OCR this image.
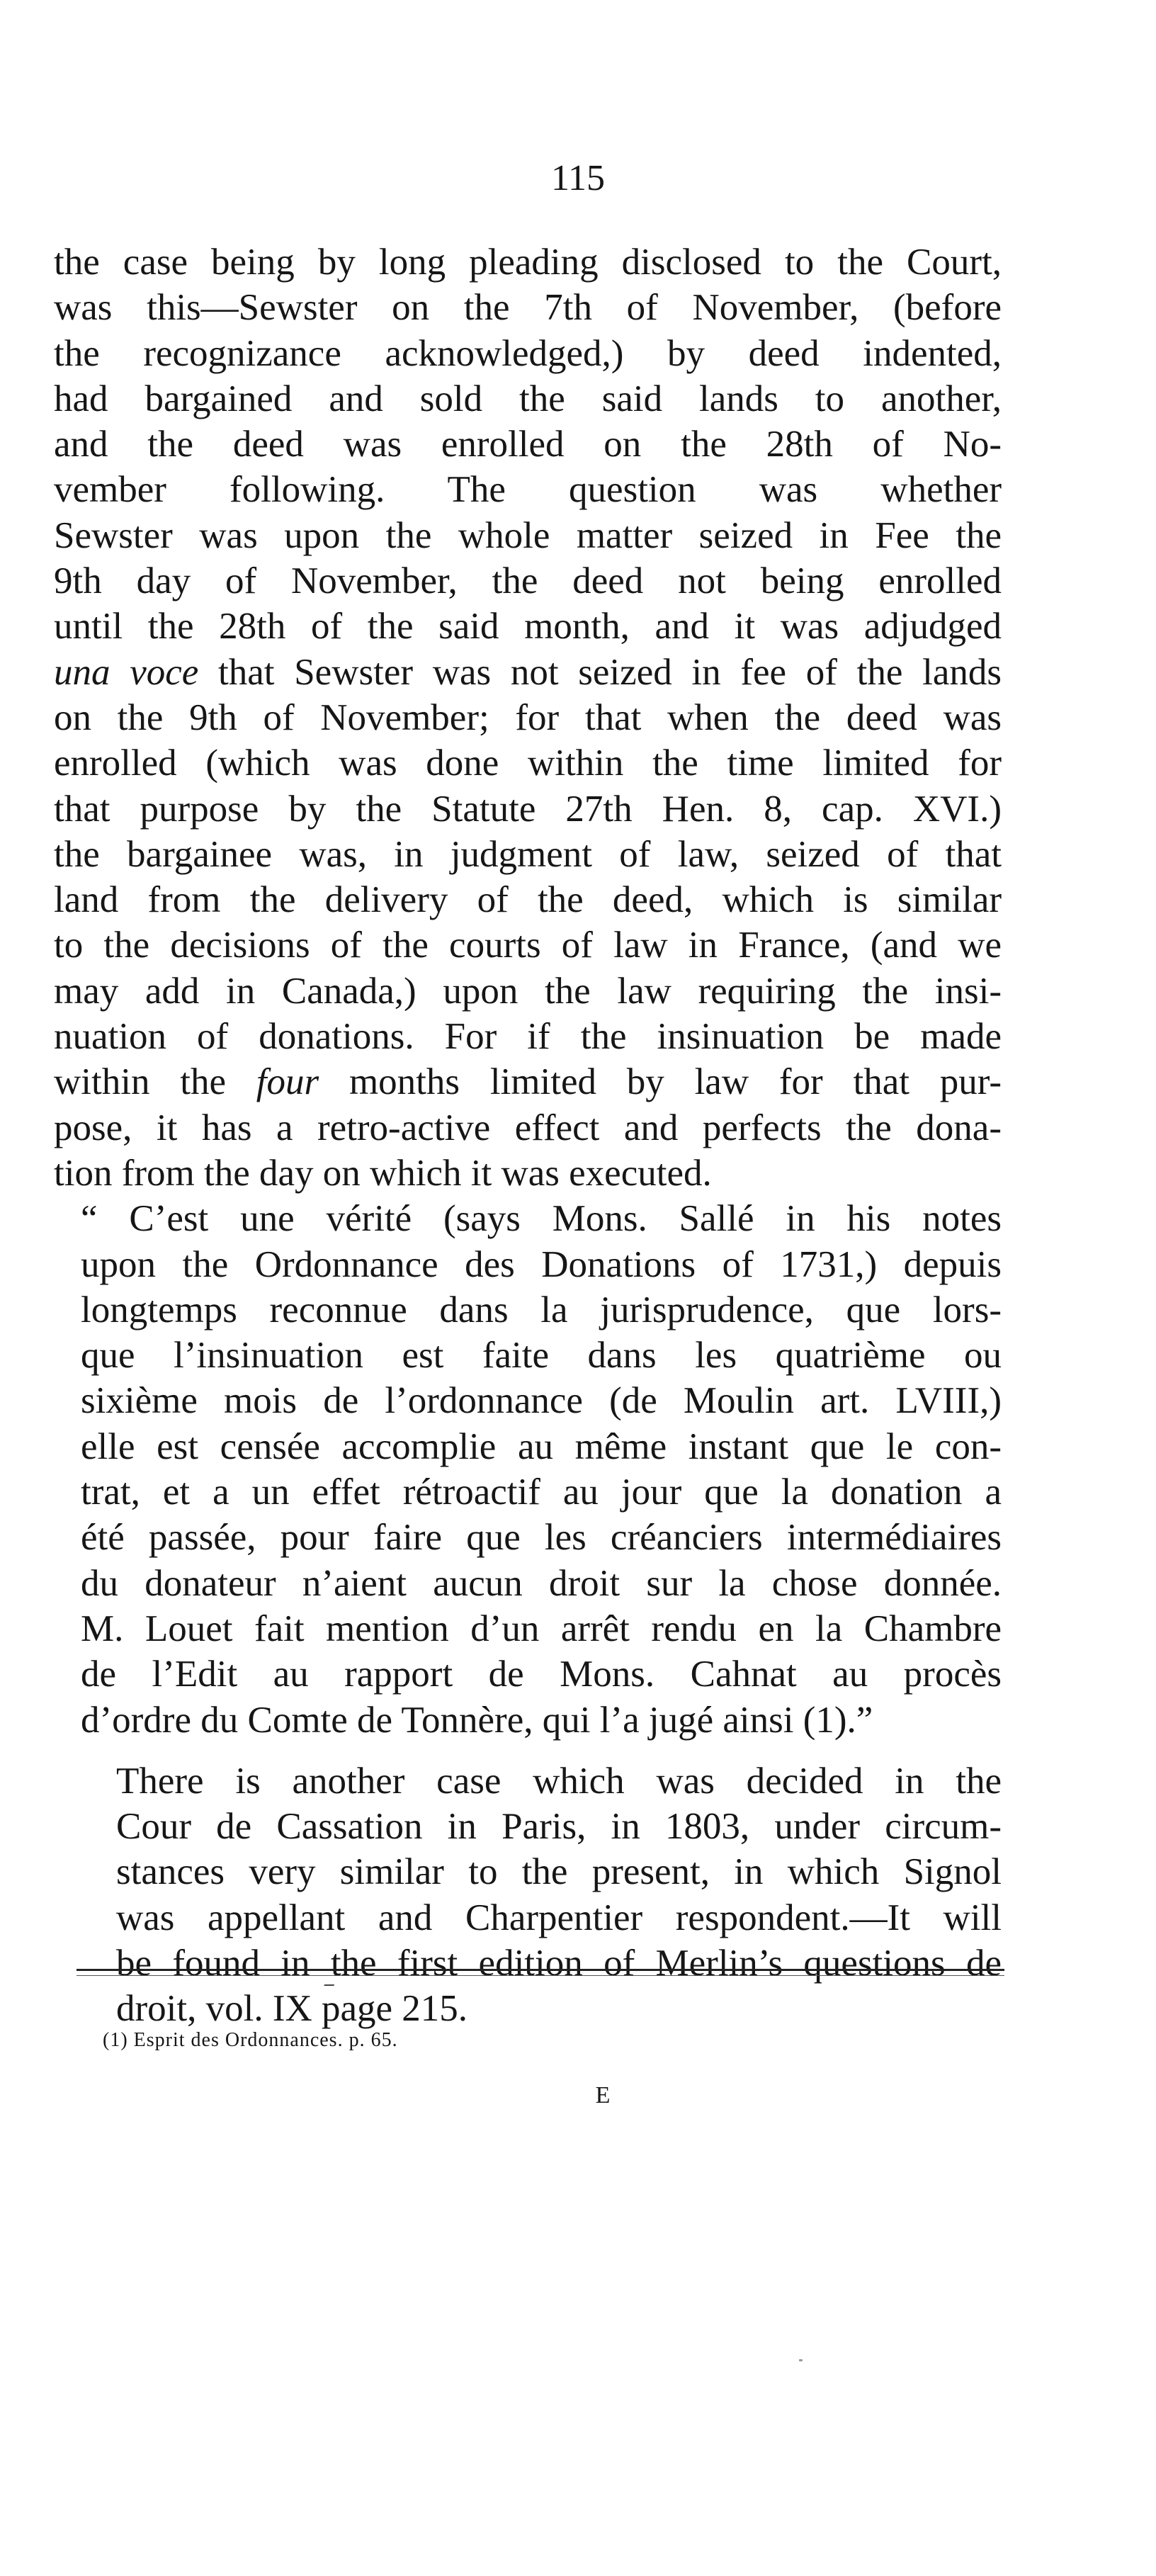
115

the case being by long pleading disclosed to the Court,
was this—Sewster on the 7th of November, (before
the recognizance acknowledged,) by deed indented,
had bargained and sold the said lands to another,
and the deed was enrolled on the 28th of No-
vember following. The question was whether
Sewster was upon the whole matter seized in Fee the
9th day of November, the deed not being enrolled
until the 28th of the said month, and it was adjudged
una voce that Sewster was not seized in fee of the lands
on the 9th of November; for that when the deed was
enrolled (which was done within the time limited for
that purpose by the Statute 27th Hen. 8, cap. XVI.)
the bargainee was, in judgment of law, seized of that
land from the delivery of the deed, which is similar
to the decisions of the courts of law in France, (and we
may add in Canada,) upon the law requiring the insi-
nuation of donations. For if the insinuation be made
within the four months limited by law for that pur-
pose, it has a retro-active effect and perfects the dona-
tion from the day on which it was executed.

“ C’est une vérité (says Mons. Sallé in his notes
upon the Ordonnance des Donations of 1731,) depuis
longtemps reconnue dans la jurisprudence, que lors-
que l’insinuation est faite dans les quatrième ou
sixième mois de l’ordonnance (de Moulin art. LVIII,)
elle est censée accomplie au même instant que le con-
trat, et a un effet rétroactif au jour que la donation a
été passée, pour faire que les créanciers intermédiaires
du donateur n’aient aucun droit sur la chose donnée.
M. Louet fait mention d’un arrêt rendu en la Chambre
de l’Edit au rapport de Mons. Cahnat au procès
d’ordre du Comte de Tonnère, qui l’a jugé ainsi (1).”

There is another case which was decided in the
Cour de Cassation in Paris, in 1803, under circum-
stances very similar to the present, in which Signol
was appellant and Charpentier respondent.—It will
be found in the first edition of Merlin’s questions de
droit, vol. IX page 215.

(1) Esprit des Ordonnances. p. 65.
E
